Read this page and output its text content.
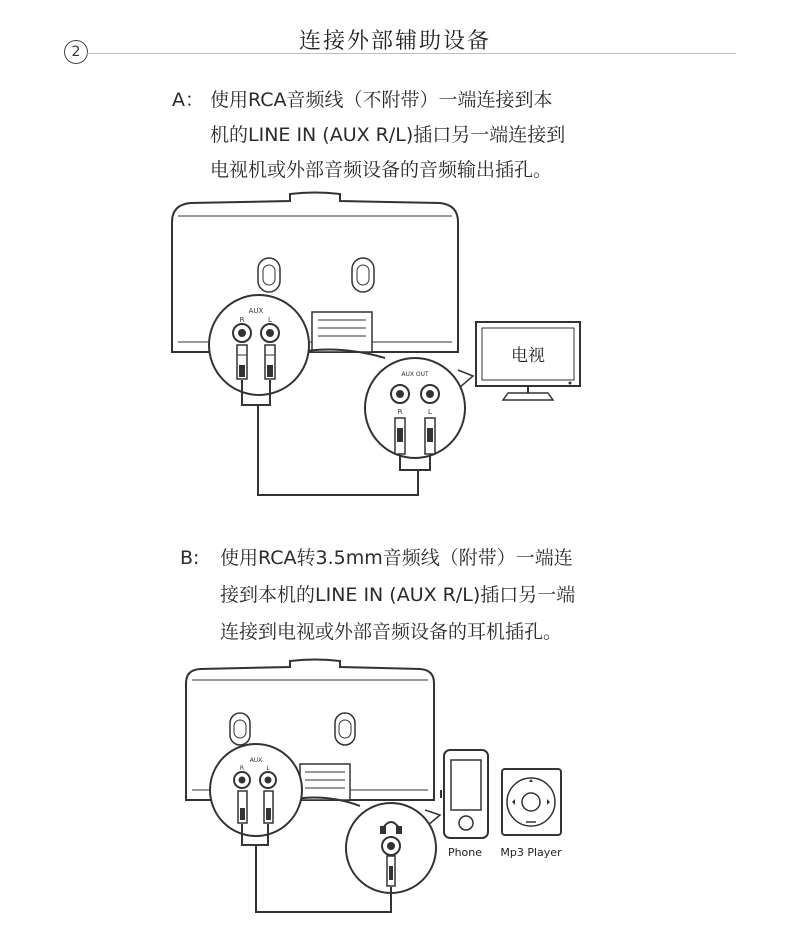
2	连接外部辅助设备
A： 使用RCA音频线（不附带）一端连接到本
机的LINE IN (AUX R/L)插口另一端连接到
电视机或外部音频设备的音频输出插孔。
AUX
R	L
电视
AUX OUT
R	L
B: 使用RCA转3.5mm音频线（附带）一端连
接到本机的LINE IN (AUX R/L)插口另一端
连接到电视或外部音频设备的耳机插孔。
AUX
R	L
Phone Mp3 Player
